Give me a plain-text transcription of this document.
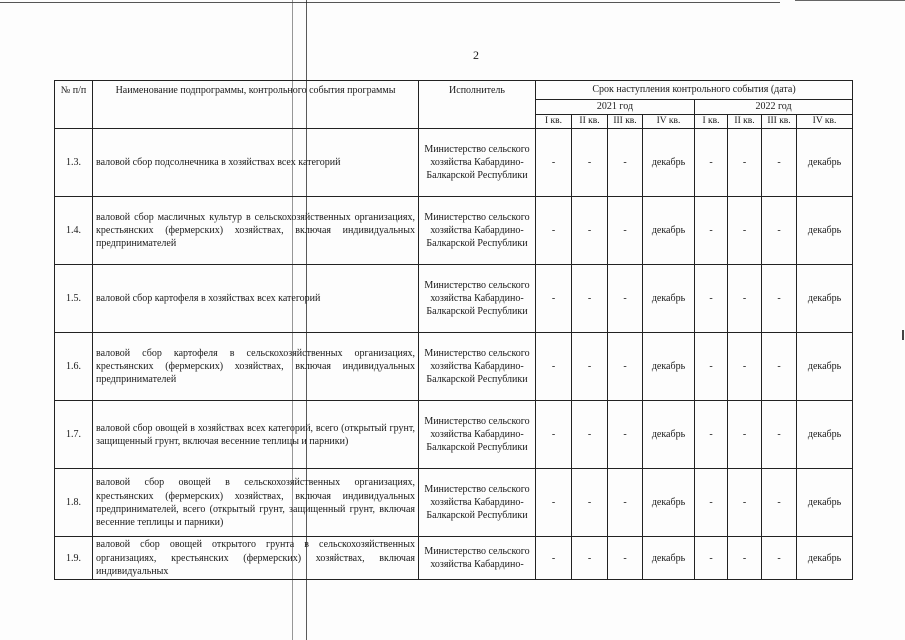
2
№ п/п	Наименование подпрограммы, контрольного события программы	Исполнитель	Срок наступления контрольного события (дата)							
			2021 год				2022 год			
			I кв.	II кв.	III кв.	IV кв.	I кв.	II кв.	III кв.	IV кв.
1.3.	валовой сбор подсолнечника в хозяйствах всех категорий	Министерство сельского хозяйства Кабардино-Балкарской Республики	-	-	-	декабрь	-	-	-	декабрь
1.4.	валовой сбор масличных культур в сельскохозяйственных организациях, крестьянских (фермерских) хозяйствах, включая индивидуальных предпринимателей	Министерство сельского хозяйства Кабардино-Балкарской Республики	-	-	-	декабрь	-	-	-	декабрь
1.5.	валовой сбор картофеля в хозяйствах всех категорий	Министерство сельского хозяйства Кабардино-Балкарской Республики	-	-	-	декабрь	-	-	-	декабрь
1.6.	валовой сбор картофеля в сельскохозяйственных организациях, крестьянских (фермерских) хозяйствах, включая индивидуальных предпринимателей	Министерство сельского хозяйства Кабардино-Балкарской Республики	-	-	-	декабрь	-	-	-	декабрь
1.7.	валовой сбор овощей в хозяйствах всех категорий, всего (открытый грунт, защищенный грунт, включая весенние теплицы и парники)	Министерство сельского хозяйства Кабардино-Балкарской Республики	-	-	-	декабрь	-	-	-	декабрь
1.8.	валовой сбор овощей в сельскохозяйственных организациях, крестьянских (фермерских) хозяйствах, включая индивидуальных предпринимателей, всего (открытый грунт, защищенный грунт, включая весенние теплицы и парники)	Министерство сельского хозяйства Кабардино-Балкарской Республики	-	-	-	декабрь	-	-	-	декабрь
1.9.	валовой сбор овощей открытого грунта в сельскохозяйственных организациях, крестьянских (фермерских) хозяйствах, включая индивидуальных	Министерство сельского хозяйства Кабардино-	-	-	-	декабрь	-	-	-	декабрь
